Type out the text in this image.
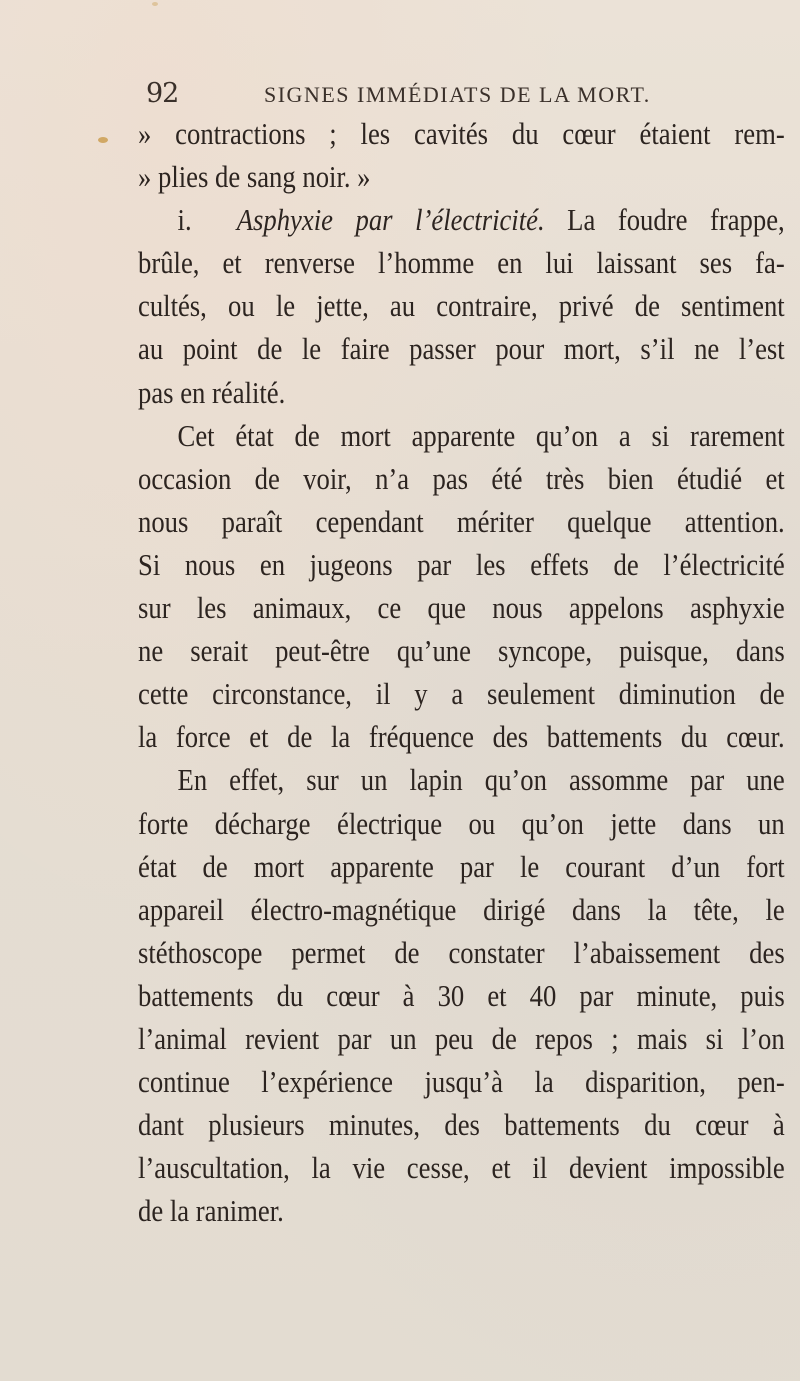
92	SIGNES IMMÉDIATS DE LA MORT.
» contractions ; les cavités du cœur étaient rem-
» plies de sang noir. »
i. Asphyxie par l’électricité. La foudre frappe,
brûle, et renverse l’homme en lui laissant ses fa-
cultés, ou le jette, au contraire, privé de sentiment
au point de le faire passer pour mort, s’il ne l’est
pas en réalité.
Cet état de mort apparente qu’on a si rarement
occasion de voir, n’a pas été très bien étudié et
nous paraît cependant mériter quelque attention.
Si nous en jugeons par les effets de l’électricité
sur les animaux, ce que nous appelons asphyxie
ne serait peut-être qu’une syncope, puisque, dans
cette circonstance, il y a seulement diminution de
la force et de la fréquence des battements du cœur.
En effet, sur un lapin qu’on assomme par une
forte décharge électrique ou qu’on jette dans un
état de mort apparente par le courant d’un fort
appareil électro-magnétique dirigé dans la tête, le
stéthoscope permet de constater l’abaissement des
battements du cœur à 30 et 40 par minute, puis
l’animal revient par un peu de repos ; mais si l’on
continue l’expérience jusqu’à la disparition, pen-
dant plusieurs minutes, des battements du cœur à
l’auscultation, la vie cesse, et il devient impossible
de la ranimer.
